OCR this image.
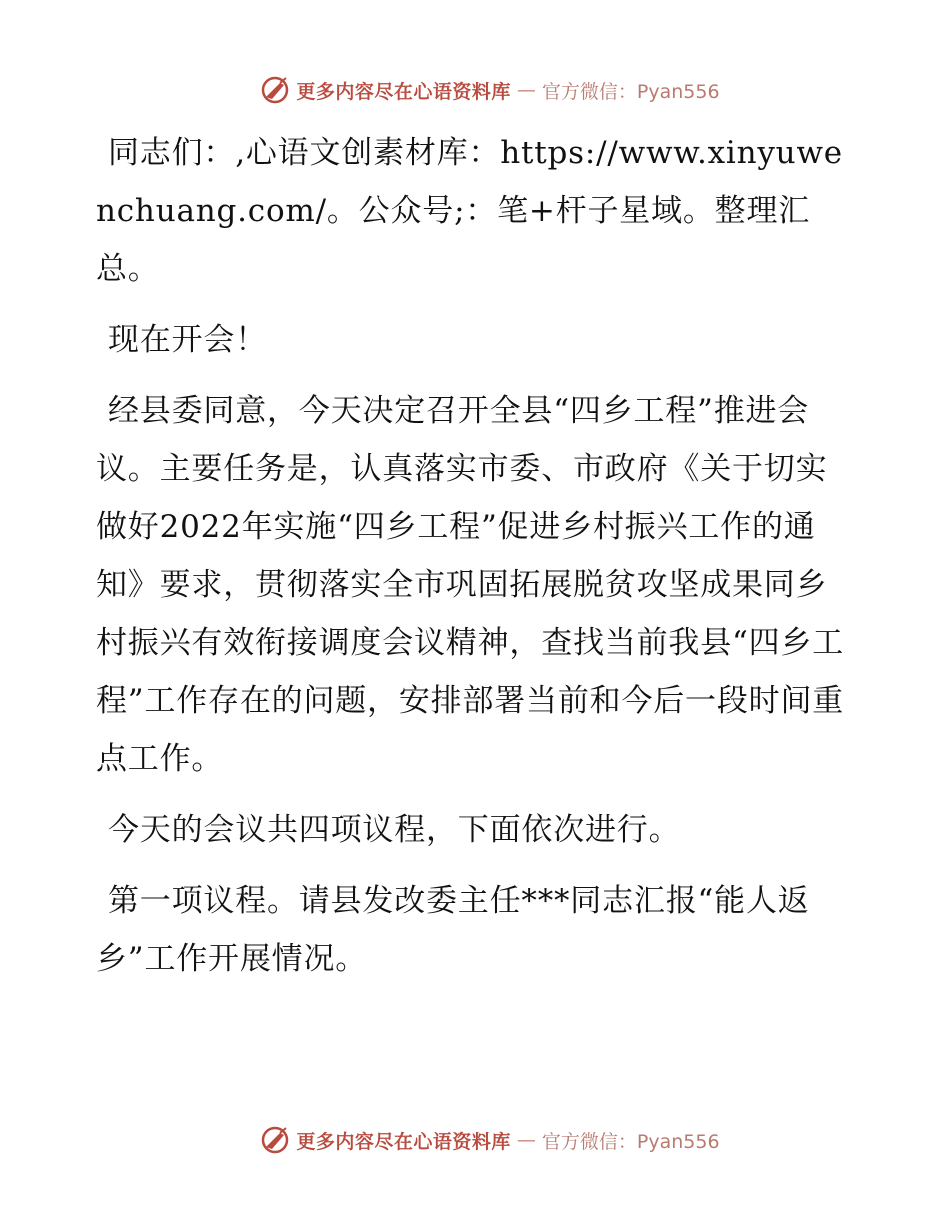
更多内容尽在心语资料库 — 官方微信：Pyan556

同志们：,心语文创素材库：https://www.xinyuwenchuang.com/。公众号;：笔+杆子星域。整理汇总。

现在开会！

经县委同意，今天决定召开全县“四乡工程”推进会议。主要任务是，认真落实市委、市政府《关于切实做好2022年实施“四乡工程”促进乡村振兴工作的通知》要求，贯彻落实全市巩固拓展脱贫攻坚成果同乡村振兴有效衔接调度会议精神，查找当前我县“四乡工程”工作存在的问题，安排部署当前和今后一段时间重点工作。

今天的会议共四项议程，下面依次进行。

第一项议程。请县发改委主任***同志汇报“能人返乡”工作开展情况。

更多内容尽在心语资料库 — 官方微信：Pyan556
